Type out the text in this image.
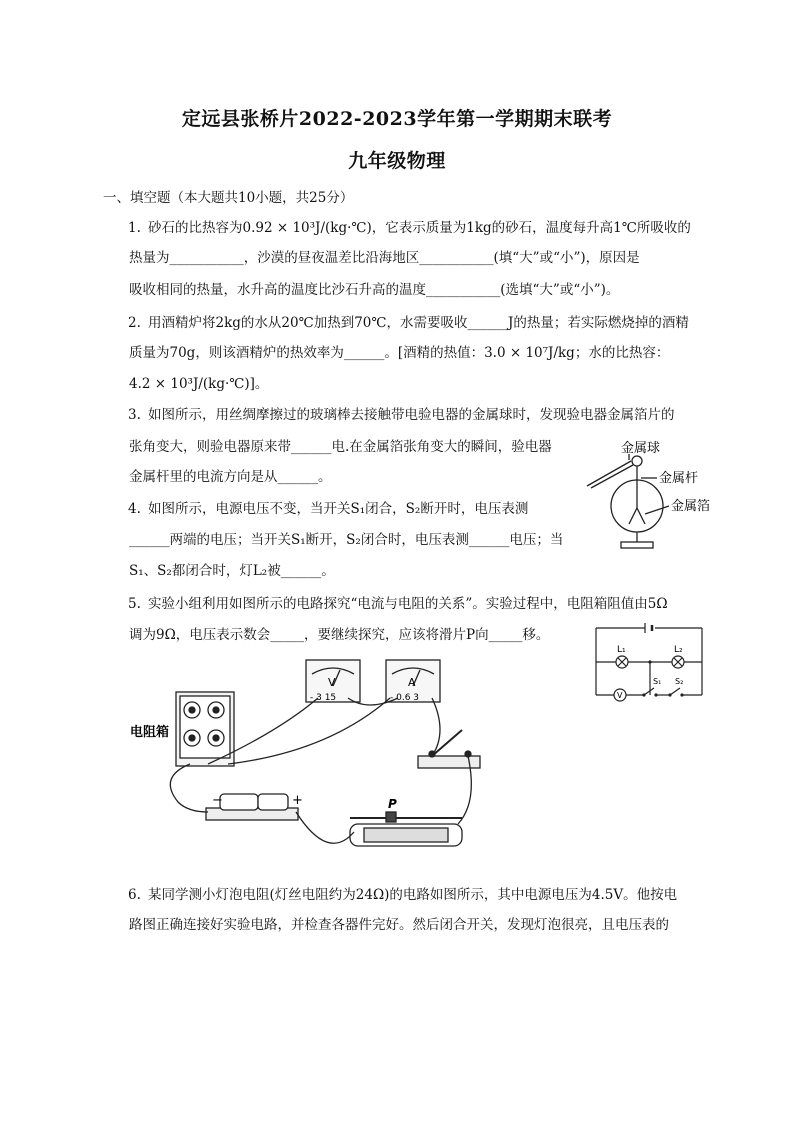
定远县张桥片2022-2023学年第一学期期末联考
九年级物理
一、填空题（本大题共10小题，共25分）
1. 砂石的比热容为0.92 × 10³J/(kg·℃)，它表示质量为1kg的砂石，温度每升高1℃所吸收的
热量为___________，沙漠的昼夜温差比沿海地区___________(填“大”或“小”)，原因是
吸收相同的热量，水升高的温度比沙石升高的温度___________(选填“大”或“小”)。
2. 用酒精炉将2kg的水从20℃加热到70℃，水需要吸收______J的热量；若实际燃烧掉的酒精
质量为70g，则该酒精炉的热效率为______。[酒精的热值：3.0 × 10⁷J/kg；水的比热容：
4.2 × 10³J/(kg·℃)]。
3. 如图所示，用丝绸摩擦过的玻璃棒去接触带电验电器的金属球时，发现验电器金属箔片的
张角变大，则验电器原来带______电.在金属箔张角变大的瞬间，验电器
金属杆里的电流方向是从______。
4. 如图所示，电源电压不变，当开关S₁闭合，S₂断开时，电压表测
______两端的电压；当开关S₁断开，S₂闭合时，电压表测______电压；当
S₁、S₂都闭合时，灯L₂被______。
5. 实验小组利用如图所示的电路探究“电流与电阻的关系”。实验过程中，电阻箱阻值由5Ω
调为9Ω，电压表示数会_____，要继续探究，应该将滑片P向_____移。
6. 某同学测小灯泡电阻(灯丝电阻约为24Ω)的电路如图所示，其中电源电压为4.5V。他按电
路图正确连接好实验电路，并检查各器件完好。然后闭合开关，发现灯泡很亮，且电压表的
金属球
金属杆
金属箔
L₁	L₂
S₁ S₂
V
电阻箱
V
- 3 15
A
- 0.6 3
P
−	+
